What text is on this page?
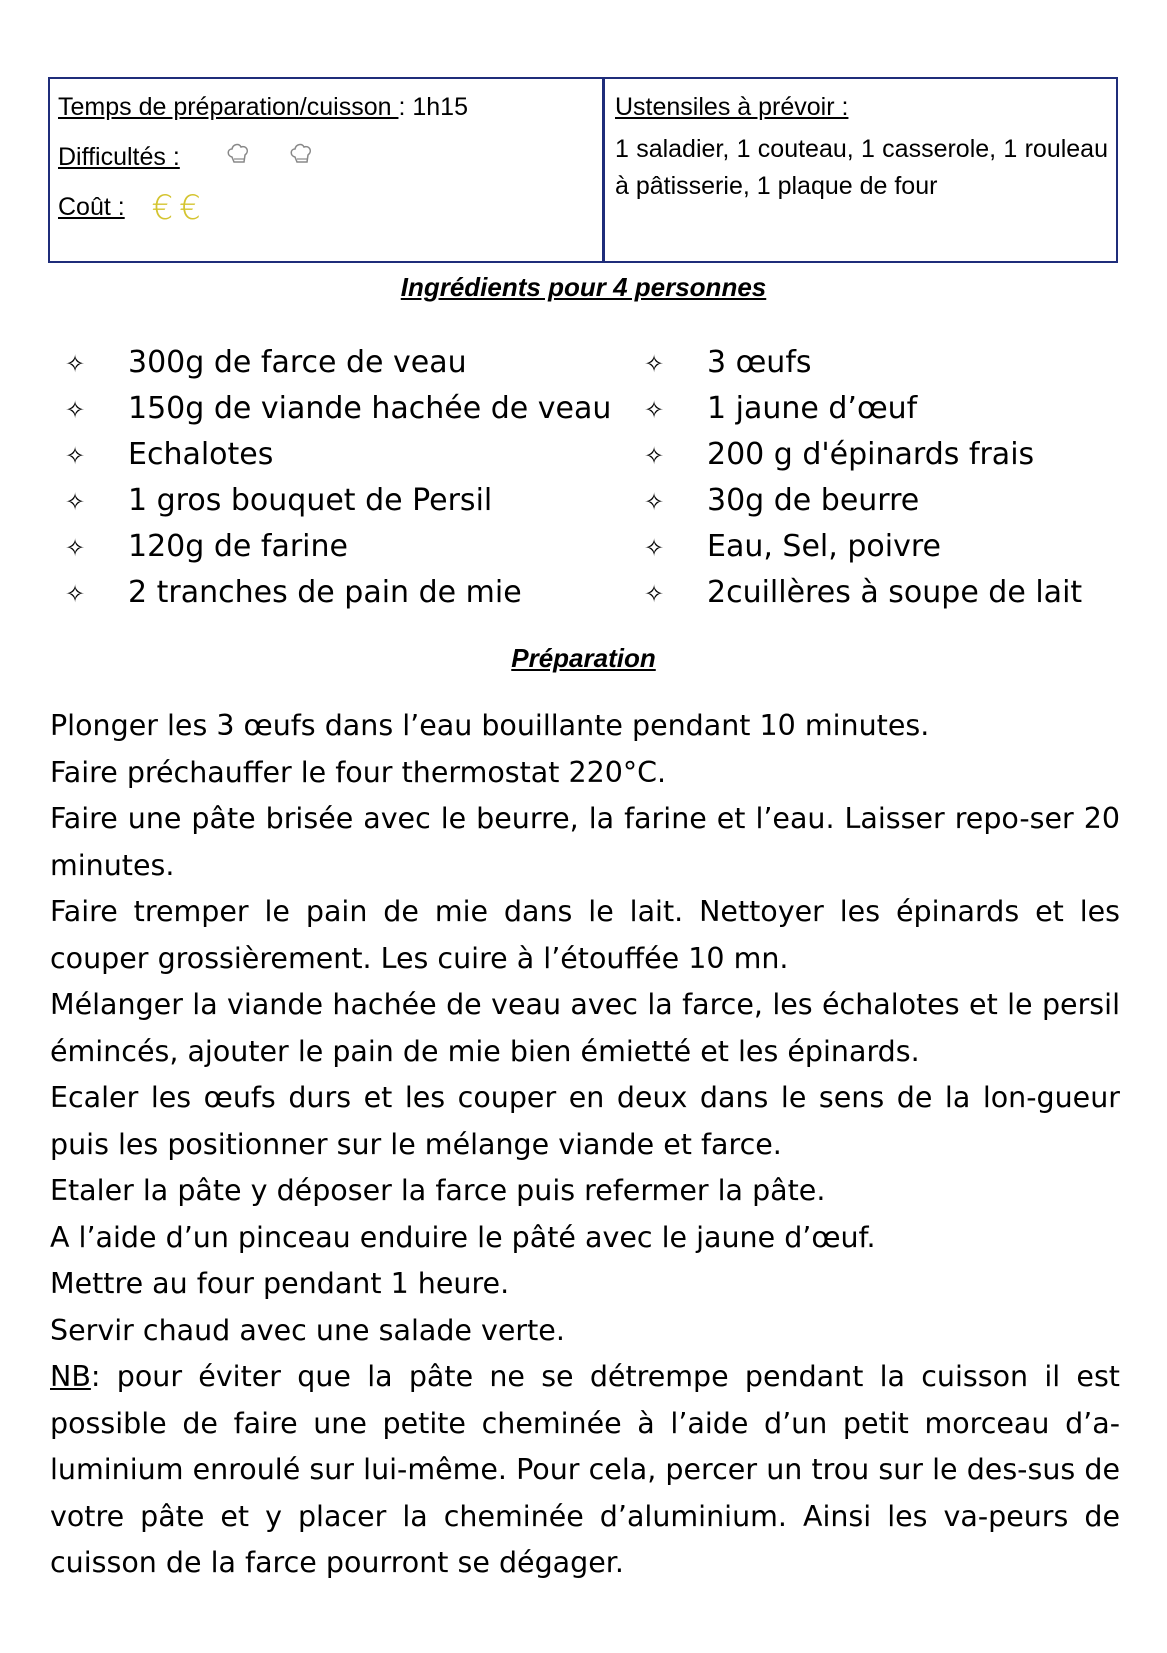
Temps de préparation/cuisson : 1h15
Difficultés :
Coût : € €
Ustensiles à prévoir :
1 saladier, 1 couteau, 1 casserole, 1 rouleau à pâtisserie, 1 plaque de four
Ingrédients pour 4 personnes
✧ 300g de farce de veau
✧ 150g de viande hachée de veau
✧ Echalotes
✧ 1 gros bouquet de Persil
✧ 120g de farine
✧ 2 tranches de pain de mie
✧ 3 œufs
✧ 1 jaune d’œuf
✧ 200 g d'épinards frais
✧ 30g de beurre
✧ Eau, Sel, poivre
✧ 2cuillères à soupe de lait
Préparation

Plonger les 3 œufs dans l’eau bouillante pendant 10 minutes.

Faire préchauffer le four thermostat 220°C.

Faire une pâte brisée avec le beurre, la farine et l’eau. Laisser repo-ser 20 minutes.

Faire tremper le pain de mie dans le lait. Nettoyer les épinards et les couper grossièrement. Les cuire à l’étouffée 10 mn.

Mélanger la viande hachée de veau avec la farce, les échalotes et le persil émincés, ajouter le pain de mie bien émietté et les épinards.

Ecaler les œufs durs et les couper en deux dans le sens de la lon-gueur puis les positionner sur le mélange viande et farce.

Etaler la pâte y déposer la farce puis refermer la pâte.

A l’aide d’un pinceau enduire le pâté avec le jaune d’œuf.

Mettre au four pendant 1 heure.

Servir chaud avec une salade verte.

NB: pour éviter que la pâte ne se détrempe pendant la cuisson il est possible de faire une petite cheminée à l’aide d’un petit morceau d’a-luminium enroulé sur lui-même. Pour cela, percer un trou sur le des-sus de votre pâte et y placer la cheminée d’aluminium. Ainsi les va-peurs de cuisson de la farce pourront se dégager.
